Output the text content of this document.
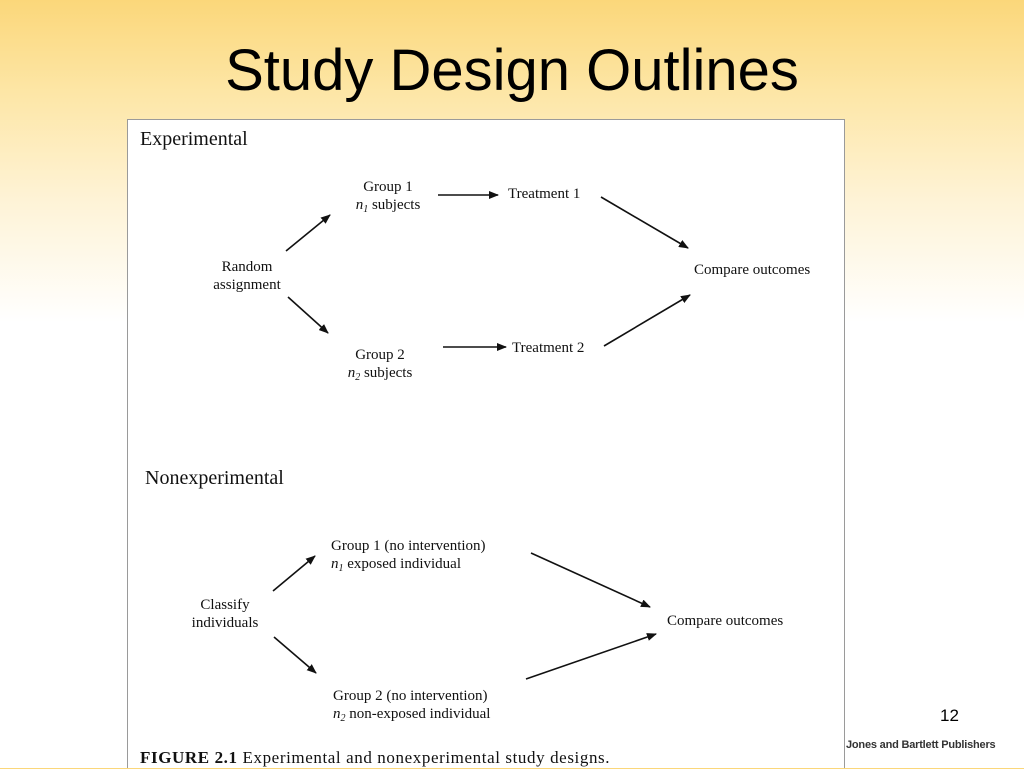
Study Design Outlines
Experimental
Random
assignment
Group 1
$n_1$ subjects
Group 2
$n_2$ subjects
Treatment 1
Treatment 2
Compare outcomes
Nonexperimental
Classify
individuals
Group 1 (no intervention)
$n_1$ exposed individual
Group 2 (no intervention)
$n_2$ non-exposed individual
Compare outcomes
FIGURE 2.1 Experimental and nonexperimental study designs.
12
Jones and Bartlett Publishers
